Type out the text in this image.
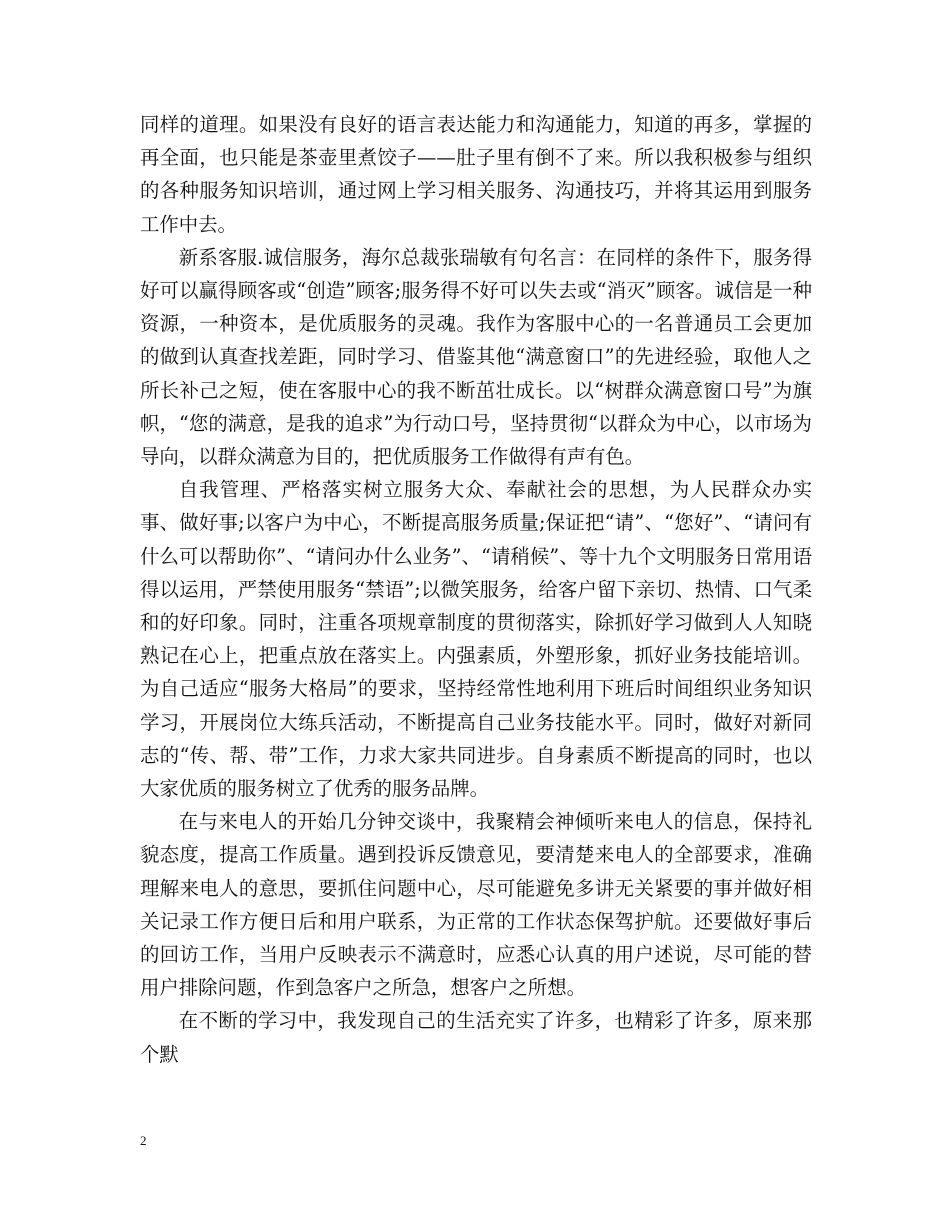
同样的道理。如果没有良好的语言表达能力和沟通能力，知道的再多，掌握的再全面，也只能是茶壶里煮饺子——肚子里有倒不了来。所以我积极参与组织的各种服务知识培训，通过网上学习相关服务、沟通技巧，并将其运用到服务工作中去。

新系客服.诚信服务，海尔总裁张瑞敏有句名言：在同样的条件下，服务得好可以赢得顾客或“创造”顾客;服务得不好可以失去或“消灭”顾客。诚信是一种资源，一种资本，是优质服务的灵魂。我作为客服中心的一名普通员工会更加的做到认真查找差距，同时学习、借鉴其他“满意窗口”的先进经验，取他人之所长补己之短，使在客服中心的我不断茁壮成长。以“树群众满意窗口号”为旗帜，“您的满意，是我的追求”为行动口号，坚持贯彻“以群众为中心，以市场为导向，以群众满意为目的，把优质服务工作做得有声有色。

自我管理、严格落实树立服务大众、奉献社会的思想，为人民群众办实事、做好事;以客户为中心，不断提高服务质量;保证把“请”、“您好”、“请问有什么可以帮助你”、“请问办什么业务”、“请稍候”、等十九个文明服务日常用语得以运用，严禁使用服务“禁语”;以微笑服务，给客户留下亲切、热情、口气柔和的好印象。同时，注重各项规章制度的贯彻落实，除抓好学习做到人人知晓熟记在心上，把重点放在落实上。内强素质，外塑形象，抓好业务技能培训。为自己适应“服务大格局”的要求，坚持经常性地利用下班后时间组织业务知识学习，开展岗位大练兵活动，不断提高自己业务技能水平。同时，做好对新同志的“传、帮、带”工作，力求大家共同进步。自身素质不断提高的同时，也以大家优质的服务树立了优秀的服务品牌。

在与来电人的开始几分钟交谈中，我聚精会神倾听来电人的信息，保持礼貌态度，提高工作质量。遇到投诉反馈意见，要清楚来电人的全部要求，准确理解来电人的意思，要抓住问题中心，尽可能避免多讲无关紧要的事并做好相关记录工作方便日后和用户联系，为正常的工作状态保驾护航。还要做好事后的回访工作，当用户反映表示不满意时，应悉心认真的用户述说，尽可能的替用户排除问题，作到急客户之所急，想客户之所想。

在不断的学习中，我发现自己的生活充实了许多，也精彩了许多，原来那个默

2
